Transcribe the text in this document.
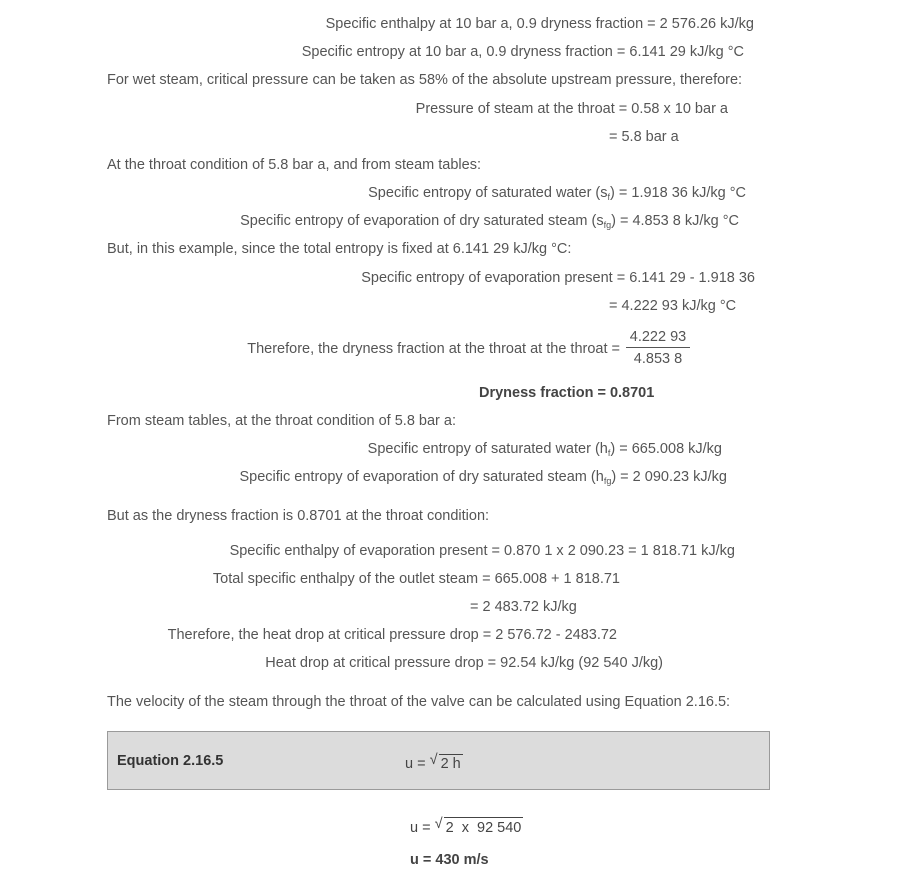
Specific enthalpy at 10 bar a, 0.9 dryness fraction = 2 576.26 kJ/kg
Specific entropy at 10 bar a, 0.9 dryness fraction = 6.141 29 kJ/kg °C
For wet steam, critical pressure can be taken as 58% of the absolute upstream pressure, therefore:
Pressure of steam at the throat = 0.58 x 10 bar a
= 5.8 bar a
At the throat condition of 5.8 bar a, and from steam tables:
Specific entropy of saturated water $(s_f) = 1.918$ 36 kJ/kg °C
Specific entropy of evaporation of dry saturated steam $(s_{fg}) = 4.853$ 8 kJ/kg °C
But, in this example, since the total entropy is fixed at 6.141 29 kJ/kg °C:
Specific entropy of evaporation present = 6.141 29 - 1.918 36
= 4.222 93 kJ/kg °C
Therefore, the dryness fraction at the throat at the throat = $\frac{4.222 93}{4.853 8}$
Dryness fraction = 0.8701
From steam tables, at the throat condition of 5.8 bar a:
Specific entropy of saturated water $(h_f) = 665.008$ kJ/kg
Specific entropy of evaporation of dry saturated steam $(h_{fg}) = 2$ 090.23 kJ/kg
But as the dryness fraction is 0.8701 at the throat condition:
Specific enthalpy of evaporation present = 0.870 1 x 2 090.23 = 1 818.71 kJ/kg
Total specific enthalpy of the outlet steam = 665.008 + 1 818.71
= 2 483.72 kJ/kg
Therefore, the heat drop at critical pressure drop = 2 576.72 - 2483.72
Heat drop at critical pressure drop = 92.54 kJ/kg (92 540 J/kg)
The velocity of the steam through the throat of the valve can be calculated using Equation 2.16.5:
Equation 2.16.5	u = √ 2 h
u = √ 2  x  92 540
u = 430 m/s
